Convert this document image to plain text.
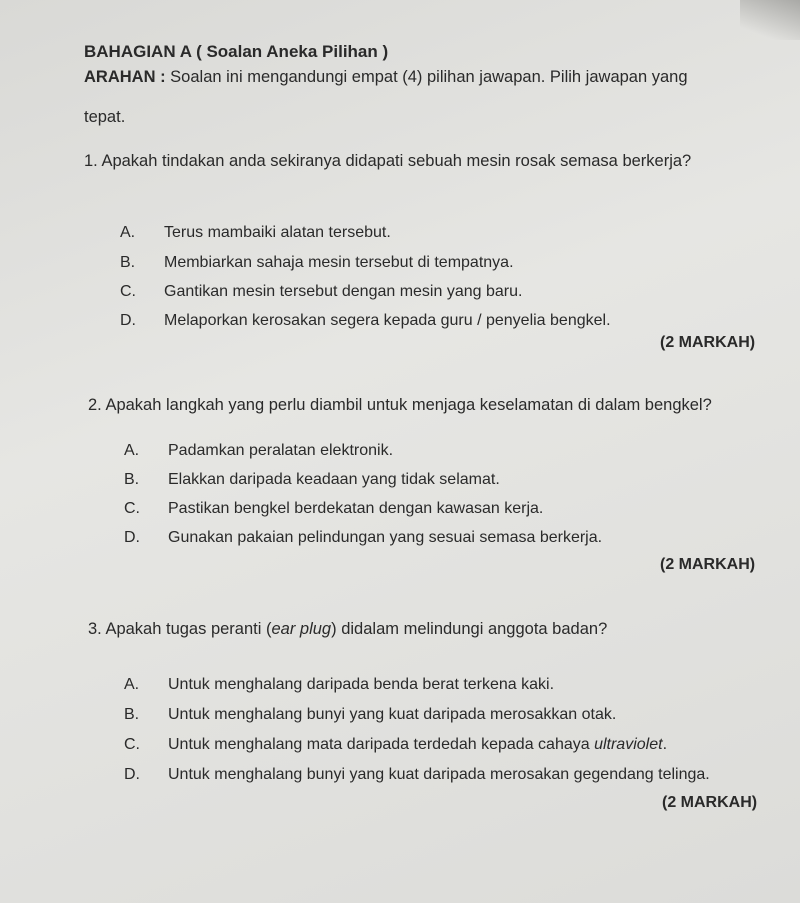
BAHAGIAN A ( Soalan Aneka Pilihan )
ARAHAN : Soalan ini mengandungi empat (4) pilihan jawapan. Pilih jawapan yang
tepat.
1. Apakah tindakan anda sekiranya didapati sebuah mesin rosak semasa berkerja?
A.	Terus mambaiki alatan tersebut.
B.	Membiarkan sahaja mesin tersebut di tempatnya.
C.	Gantikan mesin tersebut dengan mesin yang baru.
D.	Melaporkan kerosakan segera kepada guru / penyelia bengkel.
(2 MARKAH)
2. Apakah langkah yang perlu diambil untuk menjaga keselamatan di dalam bengkel?
A.	Padamkan peralatan elektronik.
B.	Elakkan daripada keadaan yang tidak selamat.
C.	Pastikan bengkel berdekatan dengan kawasan kerja.
D.	Gunakan pakaian pelindungan yang sesuai semasa berkerja.
(2 MARKAH)
3. Apakah tugas peranti (ear plug) didalam melindungi anggota badan?
A.	Untuk menghalang daripada benda berat terkena kaki.
B.	Untuk menghalang bunyi yang kuat daripada merosakkan otak.
C.	Untuk menghalang mata daripada terdedah kepada cahaya ultraviolet.
D.	Untuk menghalang bunyi yang kuat daripada merosakan gegendang telinga.
(2 MARKAH)
